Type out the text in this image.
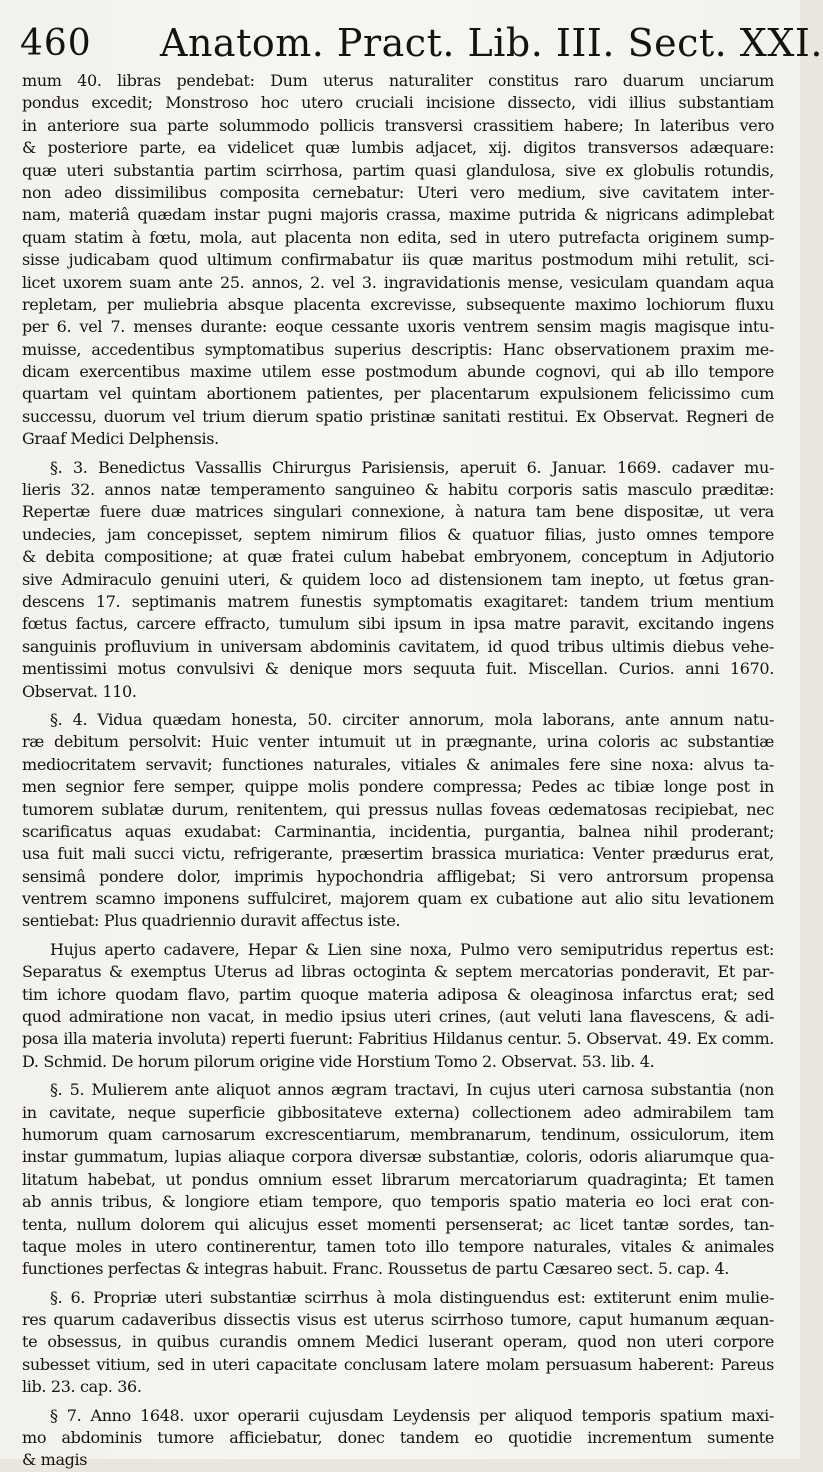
460 Anatom. Pract. Lib. III. Sect. XXI.
mum 40. libras pendebat: Dum uterus naturaliter constitus raro duarum unciarum
pondus excedit; Monstroso hoc utero cruciali incisione dissecto, vidi illius substantiam
in anteriore sua parte solummodo pollicis transversi crassitiem habere; In lateribus vero
& posteriore parte, ea videlicet quæ lumbis adjacet, xij. digitos transversos adæquare:
quæ uteri substantia partim scirrhosa, partim quasi glandulosa, sive ex globulis rotundis,
non adeo dissimilibus composita cernebatur: Uteri vero medium, sive cavitatem inter-
nam, materiâ quædam instar pugni majoris crassa, maxime putrida & nigricans adimplebat
quam statim à fœtu, mola, aut placenta non edita, sed in utero putrefacta originem sump-
sisse judicabam quod ultimum confirmabatur iis quæ maritus postmodum mihi retulit, sci-
licet uxorem suam ante 25. annos, 2. vel 3. ingravidationis mense, vesiculam quandam aqua
repletam, per muliebria absque placenta excrevisse, subsequente maximo lochiorum fluxu
per 6. vel 7. menses durante: eoque cessante uxoris ventrem sensim magis magisque intu-
muisse, accedentibus symptomatibus superius descriptis: Hanc observationem praxim me-
dicam exercentibus maxime utilem esse postmodum abunde cognovi, qui ab illo tempore
quartam vel quintam abortionem patientes, per placentarum expulsionem felicissimo cum
successu, duorum vel trium dierum spatio pristinæ sanitati restitui. Ex Observat. Regneri de
Graaf Medici Delphensis.
§. 3. Benedictus Vassallis Chirurgus Parisiensis, aperuit 6. Januar. 1669. cadaver mu-
lieris 32. annos natæ temperamento sanguineo & habitu corporis satis masculo præditæ:
Repertæ fuere duæ matrices singulari connexione, à natura tam bene dispositæ, ut vera
undecies, jam concepisset, septem nimirum filios & quatuor filias, justo omnes tempore
& debita compositione; at quæ fratei culum habebat embryonem, conceptum in Adjutorio
sive Admiraculo genuini uteri, & quidem loco ad distensionem tam inepto, ut fœtus gran-
descens 17. septimanis matrem funestis symptomatis exagitaret: tandem trium mentium
fœtus factus, carcere effracto, tumulum sibi ipsum in ipsa matre paravit, excitando ingens
sanguinis profluvium in universam abdominis cavitatem, id quod tribus ultimis diebus vehe-
mentissimi motus convulsivi & denique mors sequuta fuit. Miscellan. Curios. anni 1670.
Observat. 110.
§. 4. Vidua quædam honesta, 50. circiter annorum, mola laborans, ante annum natu-
ræ debitum persolvit: Huic venter intumuit ut in prægnante, urina coloris ac substantiæ
mediocritatem servavit; functiones naturales, vitiales & animales fere sine noxa: alvus ta-
men segnior fere semper, quippe molis pondere compressa; Pedes ac tibiæ longe post in
tumorem sublatæ durum, renitentem, qui pressus nullas foveas œdematosas recipiebat, nec
scarificatus aquas exudabat: Carminantia, incidentia, purgantia, balnea nihil proderant;
usa fuit mali succi victu, refrigerante, præsertim brassica muriatica: Venter prædurus erat,
sensimâ pondere dolor, imprimis hypochondria affligebat; Si vero antrorsum propensa
ventrem scamno imponens suffulciret, majorem quam ex cubatione aut alio situ levationem
sentiebat: Plus quadriennio duravit affectus iste.
Hujus aperto cadavere, Hepar & Lien sine noxa, Pulmo vero semiputridus repertus est:
Separatus & exemptus Uterus ad libras octoginta & septem mercatorias ponderavit, Et par-
tim ichore quodam flavo, partim quoque materia adiposa & oleaginosa infarctus erat; sed
quod admiratione non vacat, in medio ipsius uteri crines, (aut veluti lana flavescens, & adi-
posa illa materia involuta) reperti fuerunt: Fabritius Hildanus centur. 5. Observat. 49. Ex comm.
D. Schmid. De horum pilorum origine vide Horstium Tomo 2. Observat. 53. lib. 4.
§. 5. Mulierem ante aliquot annos ægram tractavi, In cujus uteri carnosa substantia (non
in cavitate, neque superficie gibbositateve externa) collectionem adeo admirabilem tam
humorum quam carnosarum excrescentiarum, membranarum, tendinum, ossiculorum, item
instar gummatum, lupias aliaque corpora diversæ substantiæ, coloris, odoris aliarumque qua-
litatum habebat, ut pondus omnium esset librarum mercatoriarum quadraginta; Et tamen
ab annis tribus, & longiore etiam tempore, quo temporis spatio materia eo loci erat con-
tenta, nullum dolorem qui alicujus esset momenti persenserat; ac licet tantæ sordes, tan-
taque moles in utero continerentur, tamen toto illo tempore naturales, vitales & animales
functiones perfectas & integras habuit. Franc. Roussetus de partu Cæsareo sect. 5. cap. 4.
§. 6. Propriæ uteri substantiæ scirrhus à mola distinguendus est: extiterunt enim mulie-
res quarum cadaveribus dissectis visus est uterus scirrhoso tumore, caput humanum æquan-
te obsessus, in quibus curandis omnem Medici luserant operam, quod non uteri corpore
subesset vitium, sed in uteri capacitate conclusam latere molam persuasum haberent: Pareus
lib. 23. cap. 36.
§ 7. Anno 1648. uxor operarii cujusdam Leydensis per aliquod temporis spatium maxi-
mo abdominis tumore afficiebatur, donec tandem eo quotidie incrementum sumente
& magis
